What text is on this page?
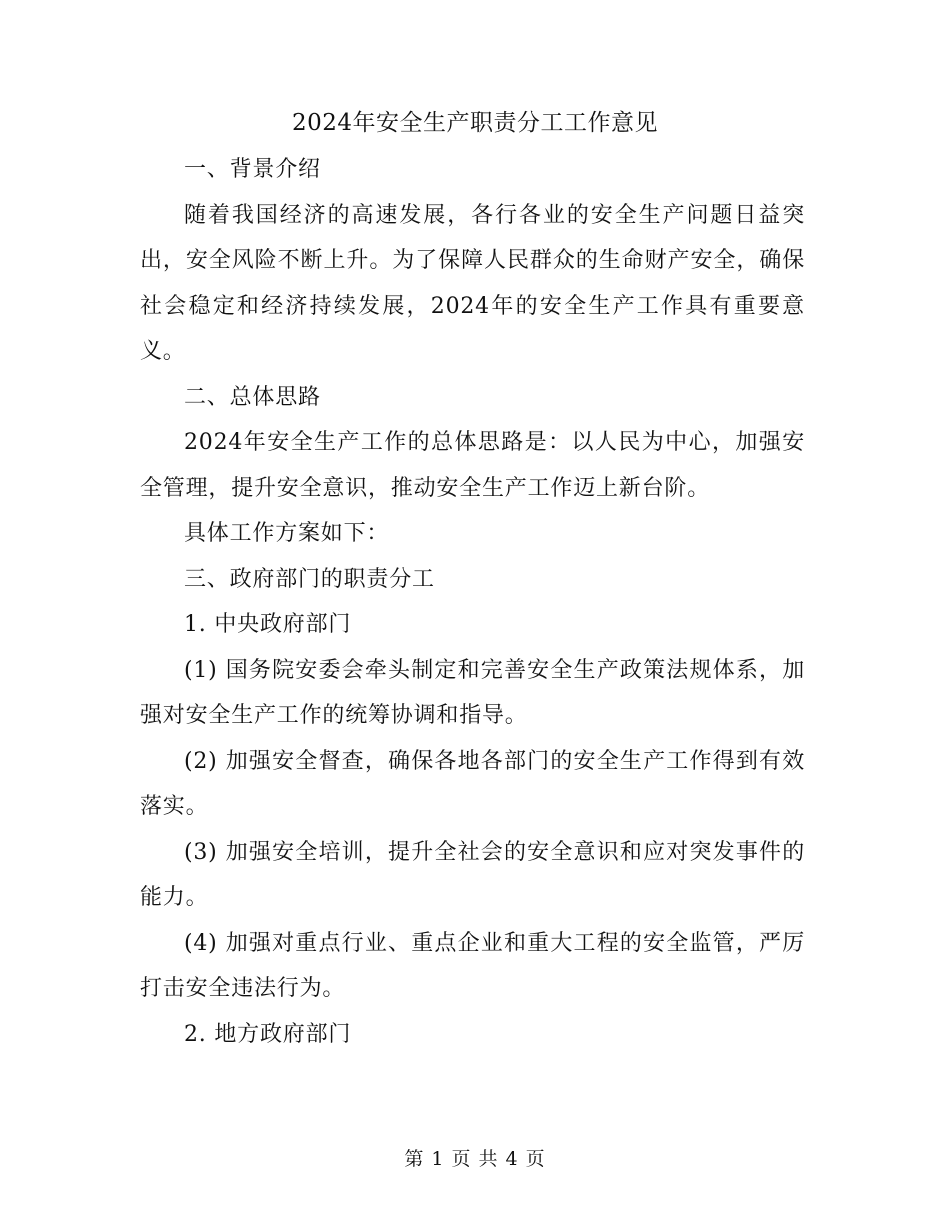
2024年安全生产职责分工工作意见

一、背景介绍

随着我国经济的高速发展，各行各业的安全生产问题日益突出，安全风险不断上升。为了保障人民群众的生命财产安全，确保社会稳定和经济持续发展，2024年的安全生产工作具有重要意义。

二、总体思路

2024年安全生产工作的总体思路是：以人民为中心，加强安全管理，提升安全意识，推动安全生产工作迈上新台阶。

具体工作方案如下：

三、政府部门的职责分工

1. 中央政府部门

(1) 国务院安委会牵头制定和完善安全生产政策法规体系，加强对安全生产工作的统筹协调和指导。

(2) 加强安全督查，确保各地各部门的安全生产工作得到有效落实。

(3) 加强安全培训，提升全社会的安全意识和应对突发事件的能力。

(4) 加强对重点行业、重点企业和重大工程的安全监管，严厉打击安全违法行为。

2. 地方政府部门

第 1 页 共 4 页
